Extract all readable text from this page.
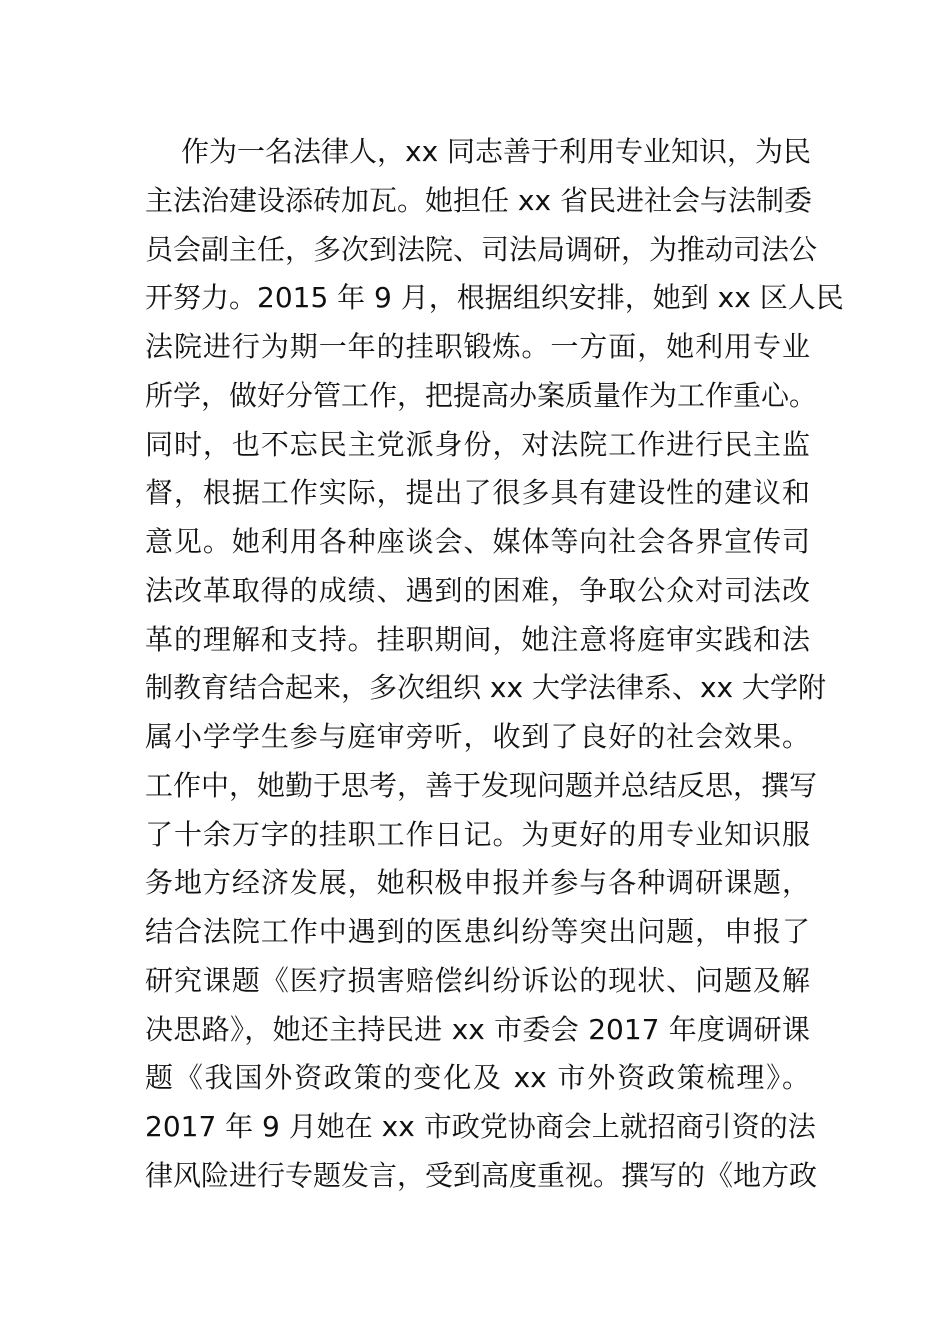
作为一名法律人，xx 同志善于利用专业知识，为民
主法治建设添砖加瓦。她担任 xx 省民进社会与法制委
员会副主任，多次到法院、司法局调研，为推动司法公
开努力。2015 年 9 月，根据组织安排，她到 xx 区人民
法院进行为期一年的挂职锻炼。一方面，她利用专业
所学，做好分管工作，把提高办案质量作为工作重心。
同时，也不忘民主党派身份，对法院工作进行民主监
督，根据工作实际，提出了很多具有建设性的建议和
意见。她利用各种座谈会、媒体等向社会各界宣传司
法改革取得的成绩、遇到的困难，争取公众对司法改
革的理解和支持。挂职期间，她注意将庭审实践和法
制教育结合起来，多次组织 xx 大学法律系、xx 大学附
属小学学生参与庭审旁听，收到了良好的社会效果。
工作中，她勤于思考，善于发现问题并总结反思，撰写
了十余万字的挂职工作日记。为更好的用专业知识服
务地方经济发展，她积极申报并参与各种调研课题，
结合法院工作中遇到的医患纠纷等突出问题，申报了
研究课题《医疗损害赔偿纠纷诉讼的现状、问题及解
决思路》，她还主持民进 xx 市委会 2017 年度调研课
题《我国外资政策的变化及 xx 市外资政策梳理》。
2017 年 9 月她在 xx 市政党协商会上就招商引资的法
律风险进行专题发言，受到高度重视。撰写的《地方政
